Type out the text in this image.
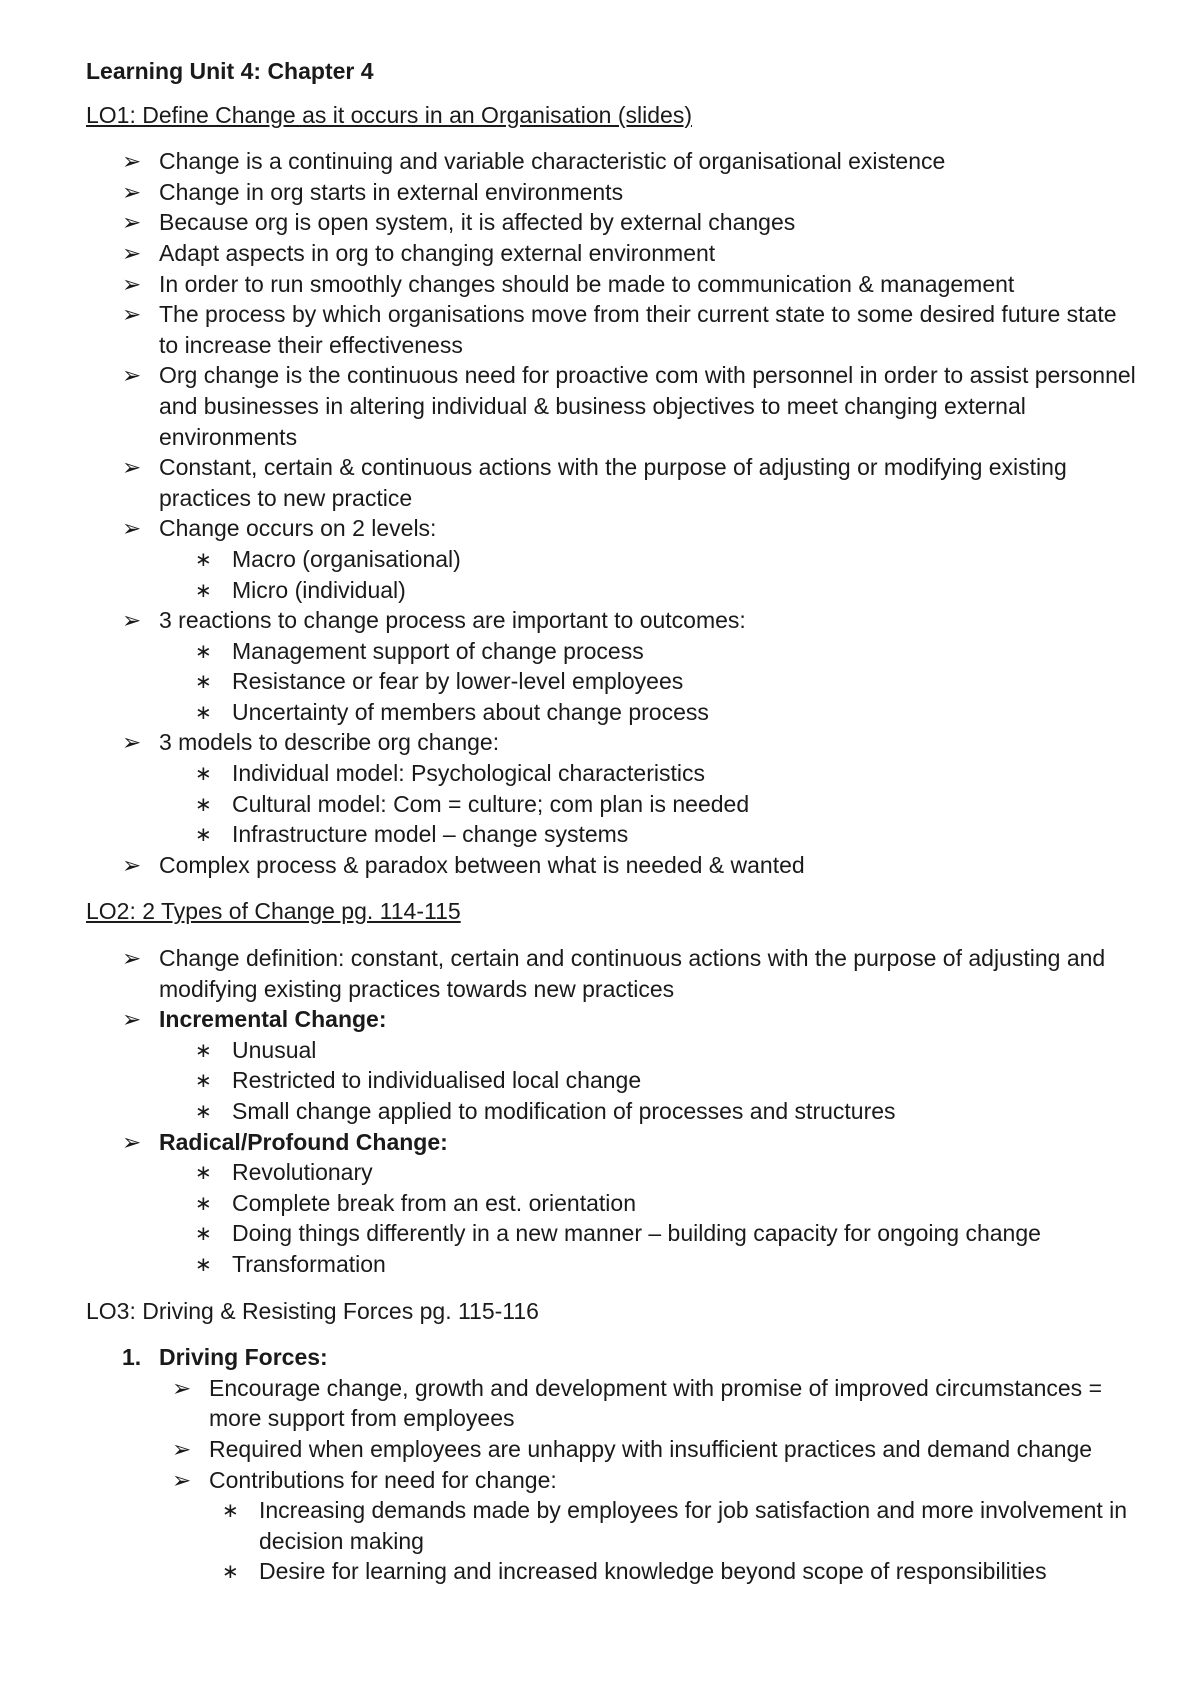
Learning Unit 4: Chapter 4
LO1: Define Change as it occurs in an Organisation (slides)
➢ Change is a continuing and variable characteristic of organisational existence
➢ Change in org starts in external environments
➢ Because org is open system, it is affected by external changes
➢ Adapt aspects in org to changing external environment
➢ In order to run smoothly changes should be made to communication & management
➢ The process by which organisations move from their current state to some desired future state to increase their effectiveness
➢ Org change is the continuous need for proactive com with personnel in order to assist personnel and businesses in altering individual & business objectives to meet changing external environments
➢ Constant, certain & continuous actions with the purpose of adjusting or modifying existing practices to new practice
➢ Change occurs on 2 levels:
∗ Macro (organisational)
∗ Micro (individual)
➢ 3 reactions to change process are important to outcomes:
∗ Management support of change process
∗ Resistance or fear by lower-level employees
∗ Uncertainty of members about change process
➢ 3 models to describe org change:
∗ Individual model: Psychological characteristics
∗ Cultural model: Com = culture; com plan is needed
∗ Infrastructure model – change systems
➢ Complex process & paradox between what is needed & wanted
LO2: 2 Types of Change pg. 114-115
➢ Change definition: constant, certain and continuous actions with the purpose of adjusting and modifying existing practices towards new practices
➢ Incremental Change:
∗ Unusual
∗ Restricted to individualised local change
∗ Small change applied to modification of processes and structures
➢ Radical/Profound Change:
∗ Revolutionary
∗ Complete break from an est. orientation
∗ Doing things differently in a new manner – building capacity for ongoing change
∗ Transformation
LO3: Driving & Resisting Forces pg. 115-116
1. Driving Forces:
➢ Encourage change, growth and development with promise of improved circumstances = more support from employees
➢ Required when employees are unhappy with insufficient practices and demand change
➢ Contributions for need for change:
∗ Increasing demands made by employees for job satisfaction and more involvement in decision making
∗ Desire for learning and increased knowledge beyond scope of responsibilities
